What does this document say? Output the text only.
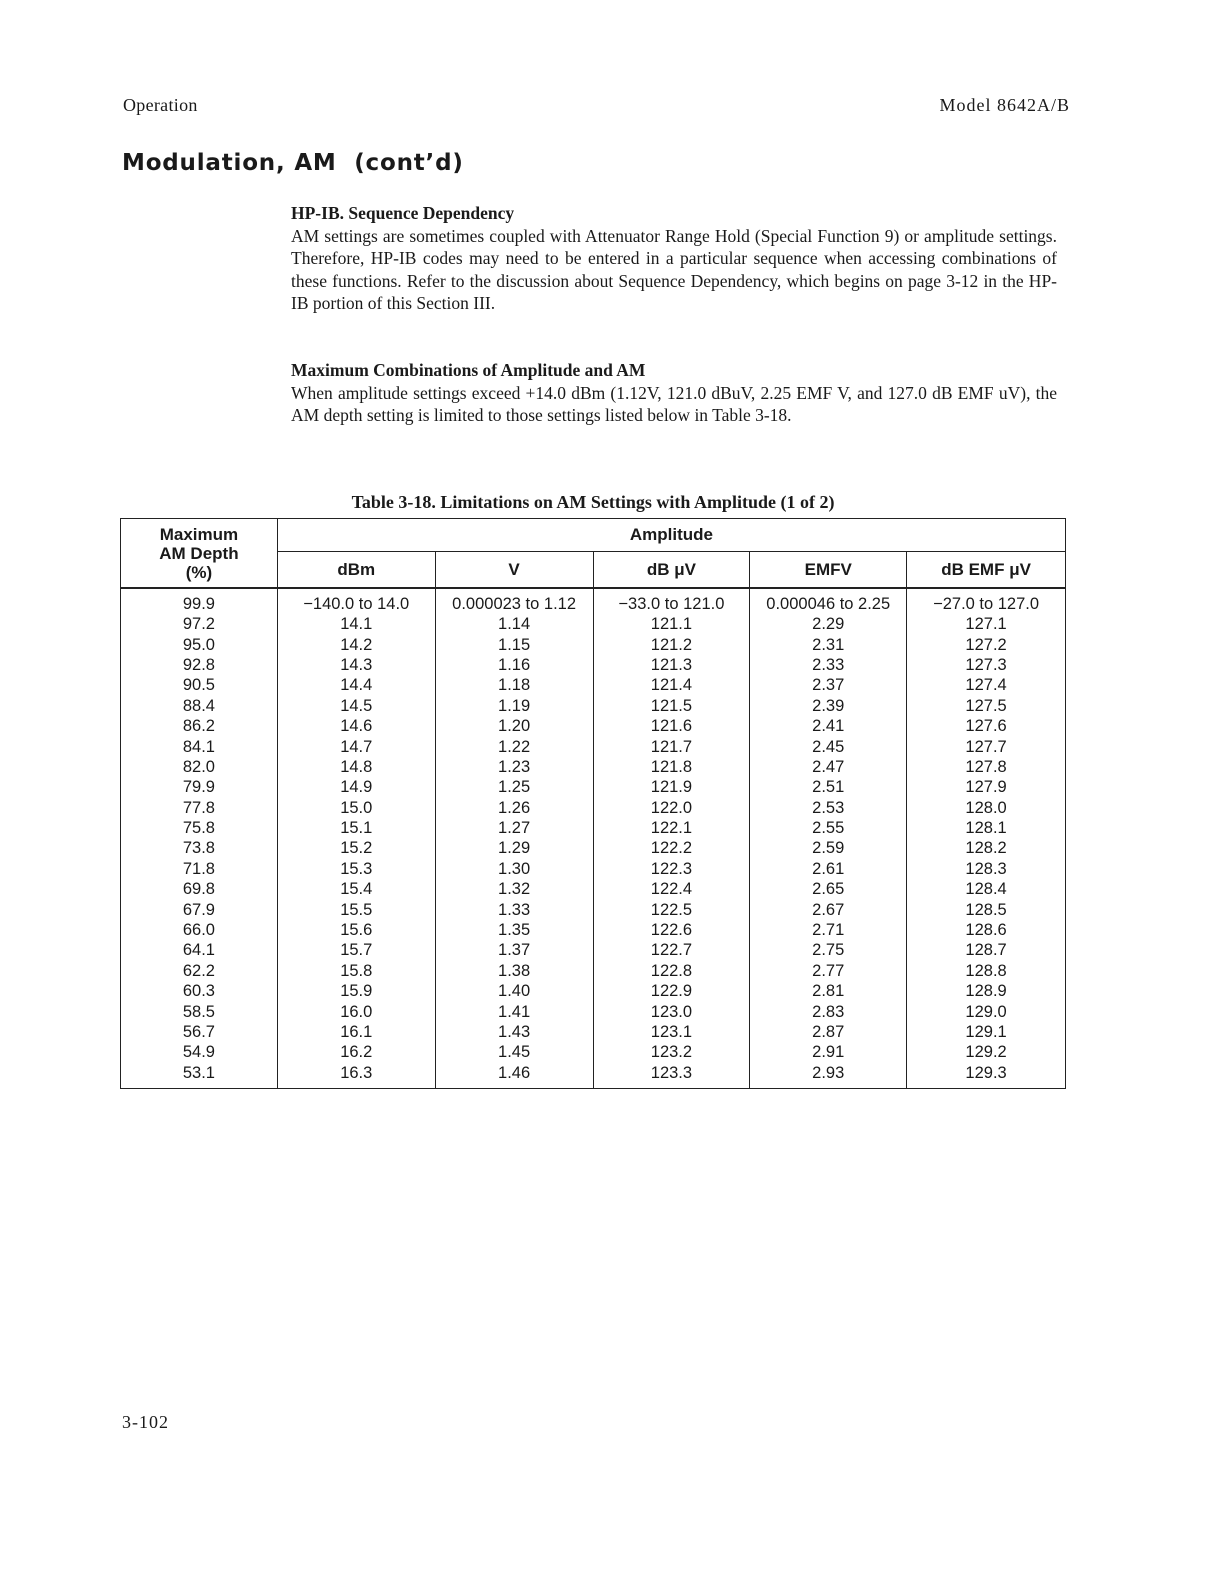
Operation	Model 8642A/B
Modulation, AM  (cont’d)
HP-IB. Sequence Dependency
AM settings are sometimes coupled with Attenuator Range Hold (Special Function 9) or amplitude settings. Therefore, HP-IB codes may need to be entered in a particular sequence when accessing combinations of these functions. Refer to the discussion about Sequence Dependency, which begins on page 3-12 in the HP-IB portion of this Section III.
Maximum Combinations of Amplitude and AM
When amplitude settings exceed +14.0 dBm (1.12V, 121.0 dBuV, 2.25 EMF V, and 127.0 dB EMF uV), the AM depth setting is limited to those settings listed below in Table 3-18.
Table 3-18. Limitations on AM Settings with Amplitude (1 of 2)
Maximum
AM Depth
(%)	Amplitude				
	dBm	V	dB μV	EMFV	dB EMF μV
99.9	−140.0 to 14.0	0.000023 to 1.12	−33.0 to 121.0	0.000046 to 2.25	−27.0 to 127.0
97.2	14.1	1.14	121.1	2.29	127.1
95.0	14.2	1.15	121.2	2.31	127.2
92.8	14.3	1.16	121.3	2.33	127.3
90.5	14.4	1.18	121.4	2.37	127.4
88.4	14.5	1.19	121.5	2.39	127.5
86.2	14.6	1.20	121.6	2.41	127.6
84.1	14.7	1.22	121.7	2.45	127.7
82.0	14.8	1.23	121.8	2.47	127.8
79.9	14.9	1.25	121.9	2.51	127.9
77.8	15.0	1.26	122.0	2.53	128.0
75.8	15.1	1.27	122.1	2.55	128.1
73.8	15.2	1.29	122.2	2.59	128.2
71.8	15.3	1.30	122.3	2.61	128.3
69.8	15.4	1.32	122.4	2.65	128.4
67.9	15.5	1.33	122.5	2.67	128.5
66.0	15.6	1.35	122.6	2.71	128.6
64.1	15.7	1.37	122.7	2.75	128.7
62.2	15.8	1.38	122.8	2.77	128.8
60.3	15.9	1.40	122.9	2.81	128.9
58.5	16.0	1.41	123.0	2.83	129.0
56.7	16.1	1.43	123.1	2.87	129.1
54.9	16.2	1.45	123.2	2.91	129.2
53.1	16.3	1.46	123.3	2.93	129.3
3-102
